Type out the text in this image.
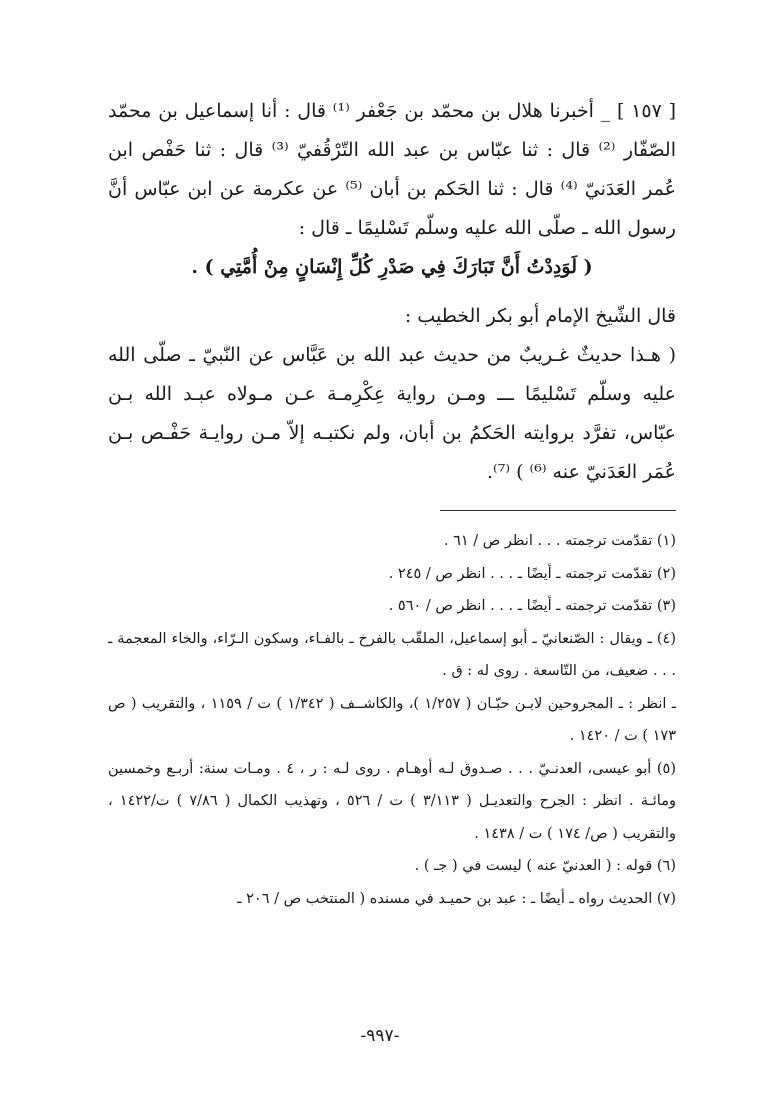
[ ١٥٧ ] _ أخبرنا هلال بن محمّد بن جَعْفر ⁽¹⁾ قال : أنا إسماعيل بن محمّد الصّفّار ⁽²⁾ قال : ثنا عبّاس بن عبد الله التّرْقُفيّ ⁽³⁾ قال : ثنا حَفْص ابن عُمر العَدَنيّ ⁽⁴⁾ قال : ثنا الحَكم بن أبان ⁽⁵⁾ عن عكرمة عن ابن عبّاس أنَّ رسول الله ـ صلّى الله عليه وسلّم تَسْليمًا ـ قال :

( لَوَدِدْتُ أَنَّ تَبَارَكَ فِي صَدْرِ كُلِّ إِنْسَانٍ مِنْ أُمَّتِي ) .

قال الشّيخ الإمام أبو بكر الخطيب :

( هـذا حديثٌ غـريبٌ من حديث عبد الله بن عَبَّاس عن النّبيّ ـ صلّى الله عليه وسلّم تَسْليمًا ـــ ومـن رواية عِكْرِمـة عـن مـولاه عبـد الله بـن عبّاس، تفرَّد بروايته الحَكمُ بن أبان، ولم نكتبـه إلاّ مـن روايـة حَفْـص بـن عُمَر العَدَنيّ عنه ⁽⁶⁾ ) ⁽⁷⁾.

(١) تقدّمت ترجمته . . . انظر ص / ٦١ .

(٢) تقدّمت ترجمته ـ أيضًا ـ . . . انظر ص / ٢٤٥ .

(٣) تقدّمت ترجمته ـ أيضًا ـ . . . انظر ص / ٥٦٠ .

(٤) ـ ويقال : الصّنعانيّ ـ أبو إسماعيل، الملقّب بالفرخ ـ بالفـاء، وسكون الـرّاء، والخاء المعجمة ـ . . . ضعيف، من التّاسعة . روى له : ق .

ـ انظر : ـ المجروحين لابـن حبّـان ( ١/٢٥٧ )، والكاشــف ( ١/٣٤٢ ) ت / ١١٥٩ ، والتقريب ( ص ١٧٣ ) ت / ١٤٢٠ .

(٥) أبو عيسى، العدنـيّ . . . صـدوق لـه أوهـام . روى لـه : ر ، ٤ . ومـات سنة: أربـع وخمسين ومائـة . انظر : الجرح والتعديـل ( ٣/١١٣ ) ت / ٥٢٦ ، وتهذيب الكمال ( ٧/٨٦ ) ت/١٤٢٢ ، والتقريب ( ص/ ١٧٤ ) ت / ١٤٣٨ .

(٦) قوله : ( العدنيّ عنه ) ليست في ( جـ ) .

(٧) الحديث رواه ـ أيضًا ـ : عبد بن حميـد في مسنده ( المنتخب ص / ٢٠٦ ـ

-٩٩٧-
